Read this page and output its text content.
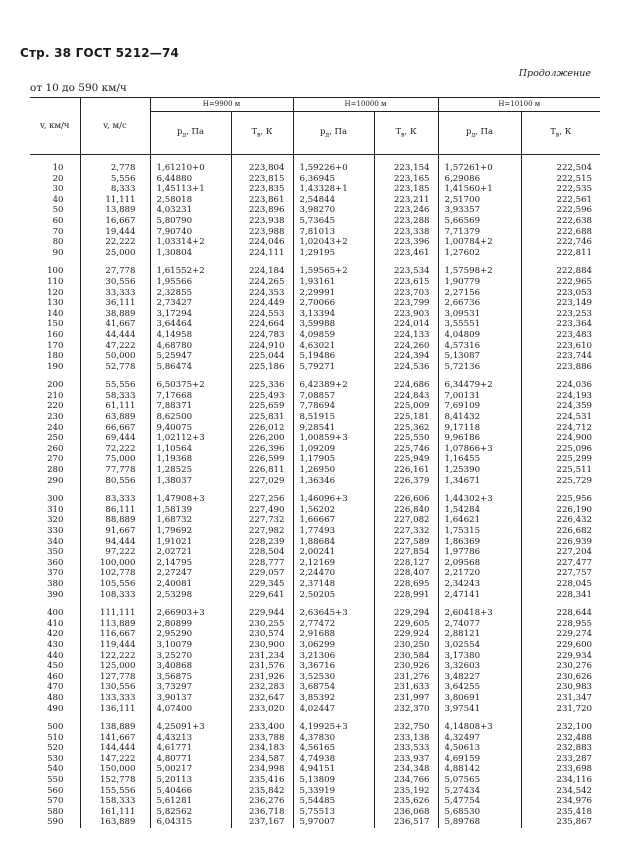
Стр. 38 ГОСТ 5212—74
Продолжение
от 10 до 590 км/ч
v, км/ч	v, м/с	H=9900 м		H=10000 м		H=10100 м	
		$р_д$, Па	$T_в$, К	$р_д$, Па	$T_в$, К	$р_д$, Па	$T_в$, К

10	2,778	1,61210+0	223,804	1,59226+0	223,154	1,57261+0	222,504
20	5,556	6,44880	223,815	6,36945	223,165	6,29086	222,515
30	8,333	1,45113+1	223,835	1,43328+1	223,185	1,41560+1	222,535
40	11,111	2,58018	223,861	2,54844	223,211	2,51700	222,561
50	13,889	4,03231	223,896	3,98270	223,246	3,93357	222,596
60	16,667	5,80790	223,938	5,73645	223,288	5,66569	222,638
70	19,444	7,90740	223,988	7,81013	223,338	7,71379	222,688
80	22,222	1,03314+2	224,046	1,02043+2	223,396	1,00784+2	222,746
90	25,000	1,30804	224,111	1,29195	223,461	1,27602	222,811

100	27,778	1,61552+2	224,184	1,59565+2	223,534	1,57598+2	222,884
110	30,556	1,95566	224,265	1,93161	223,615	1,90779	222,965
120	33,333	2,32855	224,353	2,29991	223,703	2,27156	223,053
130	36,111	2,73427	224,449	2,70066	223,799	2,66736	223,149
140	38,889	3,17294	224,553	3,13394	223,903	3,09531	223,253
150	41,667	3,64464	224,664	3,59988	224,014	3,55551	223,364
160	44,444	4,14958	224,783	4,09859	224,133	4,04809	223,483
170	47,222	4,68780	224,910	4,63021	224,260	4,57316	223,610
180	50,000	5,25947	225,044	5,19486	224,394	5,13087	223,744
190	52,778	5,86474	225,186	5,79271	224,536	5,72136	223,886

200	55,556	6,50375+2	225,336	6,42389+2	224,686	6,34479+2	224,036
210	58,333	7,17668	225,493	7,08857	224,843	7,00131	224,193
220	61,111	7,88371	225,659	7,78694	225,009	7,69109	224,359
230	63,889	8,62500	225,831	8,51915	225,181	8,41432	224,531
240	66,667	9,40075	226,012	9,28541	225,362	9,17118	224,712
250	69,444	1,02112+3	226,200	1,00859+3	225,550	9,96186	224,900
260	72,222	1,10564	226,396	1,09209	225,746	1,07866+3	225,096
270	75,000	1,19368	226,599	1,17905	225,949	1,16455	225,299
280	77,778	1,28525	226,811	1,26950	226,161	1,25390	225,511
290	80,556	1,38037	227,029	1,36346	226,379	1,34671	225,729

300	83,333	1,47908+3	227,256	1,46096+3	226,606	1,44302+3	225,956
310	86,111	1,58139	227,490	1,56202	226,840	1,54284	226,190
320	88,889	1,68732	227,732	1,66667	227,082	1,64621	226,432
330	91,667	1,79692	227,982	1,77493	227,332	1,75315	226,682
340	94,444	1,91021	228,239	1,88684	227,589	1,86369	226,939
350	97,222	2,02721	228,504	2,00241	227,854	1,97786	227,204
360	100,000	2,14795	228,777	2,12169	228,127	2,09568	227,477
370	102,778	2,27247	229,057	2,24470	228,407	2,21720	227,757
380	105,556	2,40081	229,345	2,37148	228,695	2,34243	228,045
390	108,333	2,53298	229,641	2,50205	228,991	2,47141	228,341

400	111,111	2,66903+3	229,944	2,63645+3	229,294	2,60418+3	228,644
410	113,889	2,80899	230,255	2,77472	229,605	2,74077	228,955
420	116,667	2,95290	230,574	2,91688	229,924	2,88121	229,274
430	119,444	3,10079	230,900	3,06299	230,250	3,02554	229,600
440	122,222	3,25270	231,234	3,21306	230,584	3,17380	229,934
450	125,000	3,40868	231,576	3,36716	230,926	3,32603	230,276
460	127,778	3,56875	231,926	3,52530	231,276	3,48227	230,626
470	130,556	3,73297	232,283	3,68754	231,633	3,64255	230,983
480	133,333	3,90137	232,647	3,85392	231,997	3,80691	231,347
490	136,111	4,07400	233,020	4,02447	232,370	3,97541	231,720

500	138,889	4,25091+3	233,400	4,19925+3	232,750	4,14808+3	232,100
510	141,667	4,43213	233,788	4,37830	233,138	4,32497	232,488
520	144,444	4,61771	234,183	4,56165	233,533	4,50613	232,883
530	147,222	4,80771	234,587	4,74938	233,937	4,69159	233,287
540	150,000	5,00217	234,998	4,94151	234,348	4,88142	233,698
550	152,778	5,20113	235,416	5,13809	234,766	5,07565	234,116
560	155,556	5,40466	235,842	5,33919	235,192	5,27434	234,542
570	158,333	5,61281	236,276	5,54485	235,626	5,47754	234,976
580	161,111	5,82562	236,718	5,75513	236,068	5,68530	235,418
590	163,889	6,04315	237,167	5,97007	236,517	5,89768	235,867
